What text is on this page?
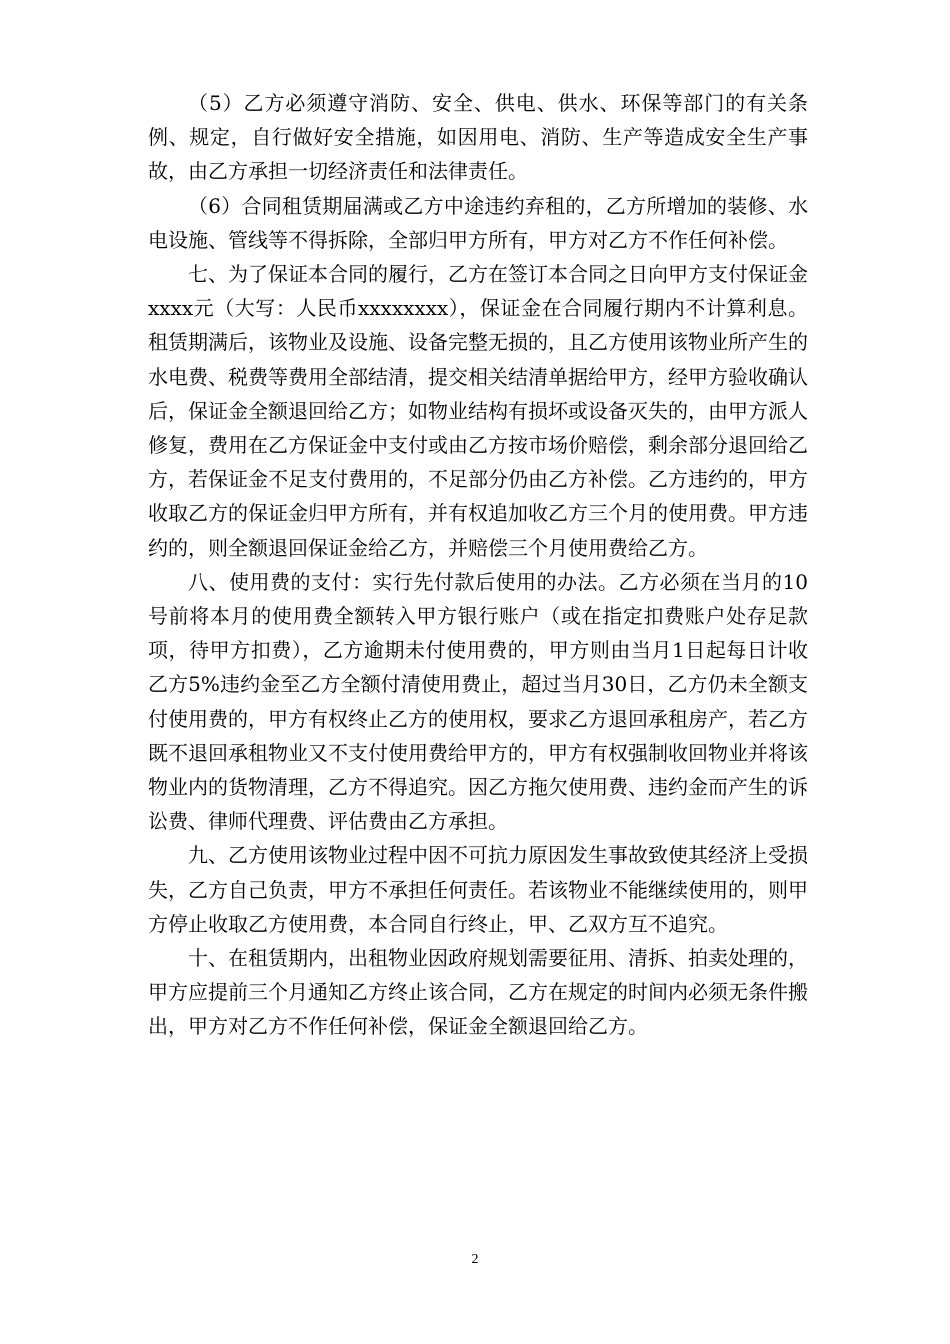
（5）乙方必须遵守消防、安全、供电、供水、环保等部门的有关条例、规定，自行做好安全措施，如因用电、消防、生产等造成安全生产事故，由乙方承担一切经济责任和法律责任。

（6）合同租赁期届满或乙方中途违约弃租的，乙方所增加的装修、水电设施、管线等不得拆除，全部归甲方所有，甲方对乙方不作任何补偿。

七、为了保证本合同的履行，乙方在签订本合同之日向甲方支付保证金xxxx元（大写：人民币xxxxxxxx），保证金在合同履行期内不计算利息。租赁期满后，该物业及设施、设备完整无损的，且乙方使用该物业所产生的水电费、税费等费用全部结清，提交相关结清单据给甲方，经甲方验收确认后，保证金全额退回给乙方；如物业结构有损坏或设备灭失的，由甲方派人修复，费用在乙方保证金中支付或由乙方按市场价赔偿，剩余部分退回给乙方，若保证金不足支付费用的，不足部分仍由乙方补偿。乙方违约的，甲方收取乙方的保证金归甲方所有，并有权追加收乙方三个月的使用费。甲方违约的，则全额退回保证金给乙方，并赔偿三个月使用费给乙方。

八、使用费的支付：实行先付款后使用的办法。乙方必须在当月的10号前将本月的使用费全额转入甲方银行账户（或在指定扣费账户处存足款项，待甲方扣费），乙方逾期未付使用费的，甲方则由当月1日起每日计收乙方5%违约金至乙方全额付清使用费止，超过当月30日，乙方仍未全额支付使用费的，甲方有权终止乙方的使用权，要求乙方退回承租房产，若乙方既不退回承租物业又不支付使用费给甲方的，甲方有权强制收回物业并将该物业内的货物清理，乙方不得追究。因乙方拖欠使用费、违约金而产生的诉讼费、律师代理费、评估费由乙方承担。

九、乙方使用该物业过程中因不可抗力原因发生事故致使其经济上受损失，乙方自己负责，甲方不承担任何责任。若该物业不能继续使用的，则甲方停止收取乙方使用费，本合同自行终止，甲、乙双方互不追究。

十、在租赁期内，出租物业因政府规划需要征用、清拆、拍卖处理的，甲方应提前三个月通知乙方终止该合同，乙方在规定的时间内必须无条件搬出，甲方对乙方不作任何补偿，保证金全额退回给乙方。

2
